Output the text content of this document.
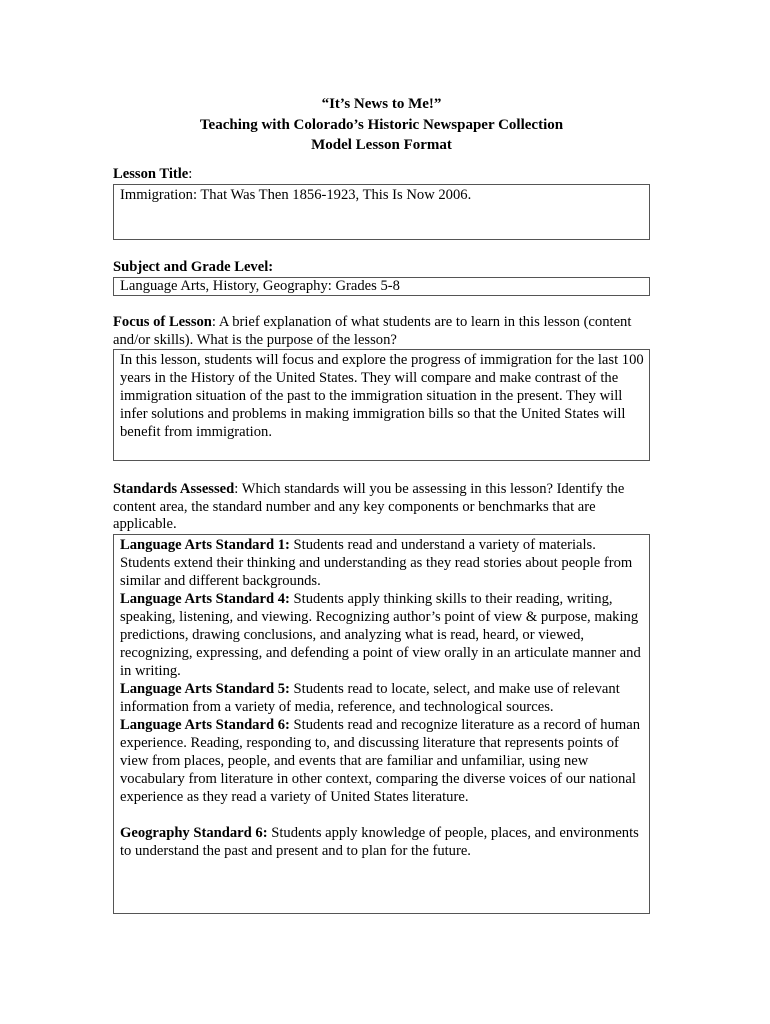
“It’s News to Me!”
Teaching with Colorado’s Historic Newspaper Collection
Model Lesson Format
Lesson Title:

Immigration: That Was Then 1856-1923, This Is Now 2006.

Subject and Grade Level:

Language Arts, History, Geography: Grades 5-8

Focus of Lesson: A brief explanation of what students are to learn in this lesson (content and/or skills). What is the purpose of the lesson?

In this lesson, students will focus and explore the progress of immigration for the last 100 years in the History of the United States. They will compare and make contrast of the immigration situation of the past to the immigration situation in the present. They will infer solutions and problems in making immigration bills so that the United States will benefit from immigration.

Standards Assessed: Which standards will you be assessing in this lesson? Identify the content area, the standard number and any key components or benchmarks that are applicable.

Language Arts Standard 1: Students read and understand a variety of materials. Students extend their thinking and understanding as they read stories about people from similar and different backgrounds.

Language Arts Standard 4: Students apply thinking skills to their reading, writing, speaking, listening, and viewing. Recognizing author’s point of view & purpose, making predictions, drawing conclusions, and analyzing what is read, heard, or viewed, recognizing, expressing, and defending a point of view orally in an articulate manner and in writing.

Language Arts Standard 5: Students read to locate, select, and make use of relevant information from a variety of media, reference, and technological sources.

Language Arts Standard 6: Students read and recognize literature as a record of human experience. Reading, responding to, and discussing literature that represents points of view from places, people, and events that are familiar and unfamiliar, using new vocabulary from literature in other context, comparing the diverse voices of our national experience as they read a variety of United States literature.

Geography Standard 6: Students apply knowledge of people, places, and environments to understand the past and present and to plan for the future.
